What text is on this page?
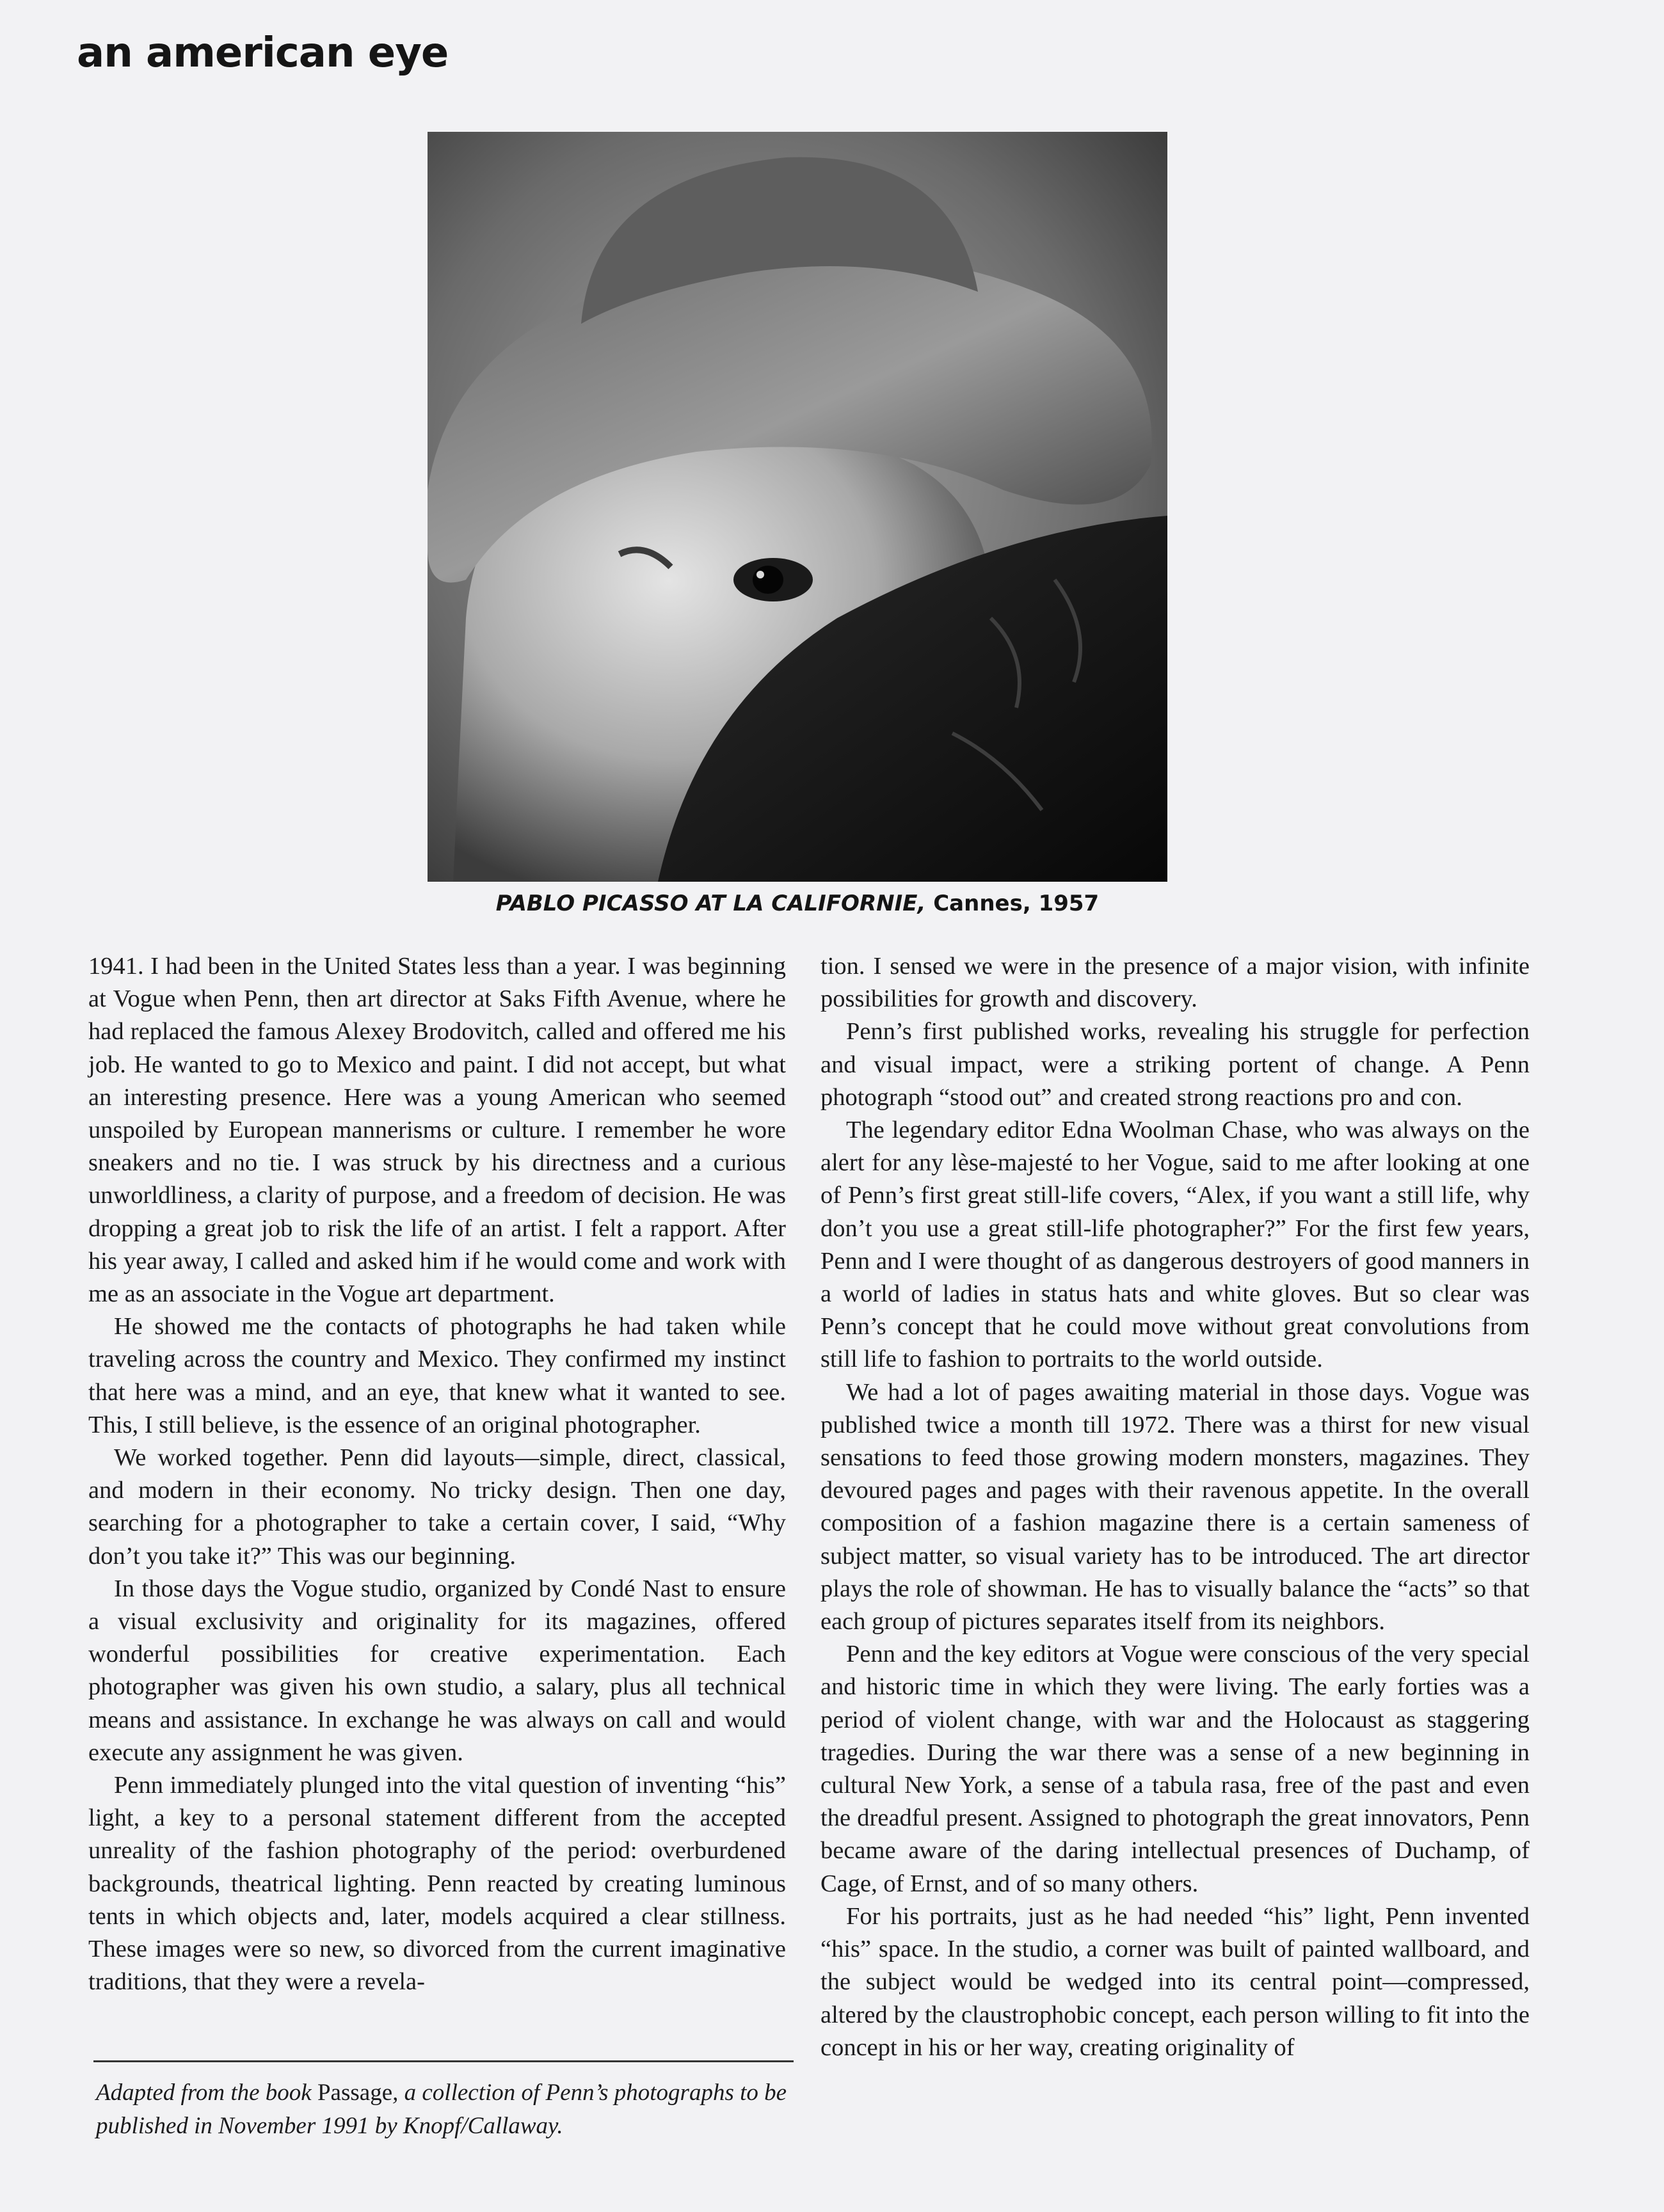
an american eye
PABLO PICASSO AT LA CALIFORNIE, Cannes, 1957

1941. I had been in the United States less than a year. I was beginning at Vogue when Penn, then art director at Saks Fifth Avenue, where he had replaced the famous Alexey Brodovitch, called and offered me his job. He wanted to go to Mexico and paint. I did not accept, but what an interesting presence. Here was a young American who seemed unspoiled by European mannerisms or culture. I remember he wore sneakers and no tie. I was struck by his directness and a curious unworldliness, a clarity of purpose, and a freedom of decision. He was dropping a great job to risk the life of an artist. I felt a rapport. After his year away, I called and asked him if he would come and work with me as an associate in the Vogue art department.

He showed me the contacts of photographs he had taken while traveling across the country and Mexico. They confirmed my instinct that here was a mind, and an eye, that knew what it wanted to see. This, I still believe, is the essence of an original photographer.

We worked together. Penn did layouts—simple, direct, classical, and modern in their economy. No tricky design. Then one day, searching for a photographer to take a certain cover, I said, “Why don’t you take it?” This was our beginning.

In those days the Vogue studio, organized by Condé Nast to ensure a visual exclusivity and originality for its magazines, offered wonderful possibilities for creative experimentation. Each photographer was given his own studio, a salary, plus all technical means and assistance. In exchange he was always on call and would execute any assignment he was given.

Penn immediately plunged into the vital question of inventing “his” light, a key to a personal statement different from the accepted unreality of the fashion photography of the period: overburdened backgrounds, theatrical lighting. Penn reacted by creating luminous tents in which objects and, later, models acquired a clear stillness. These images were so new, so divorced from the current imaginative traditions, that they were a revela-

tion. I sensed we were in the presence of a major vision, with infinite possibilities for growth and discovery.

Penn’s first published works, revealing his struggle for perfection and visual impact, were a striking portent of change. A Penn photograph “stood out” and created strong reactions pro and con.

The legendary editor Edna Woolman Chase, who was always on the alert for any lèse-majesté to her Vogue, said to me after looking at one of Penn’s first great still-life covers, “Alex, if you want a still life, why don’t you use a great still-life photographer?” For the first few years, Penn and I were thought of as dangerous destroyers of good manners in a world of ladies in status hats and white gloves. But so clear was Penn’s concept that he could move without great convolutions from still life to fashion to portraits to the world outside.

We had a lot of pages awaiting material in those days. Vogue was published twice a month till 1972. There was a thirst for new visual sensations to feed those growing modern monsters, magazines. They devoured pages and pages with their ravenous appetite. In the overall composition of a fashion magazine there is a certain sameness of subject matter, so visual variety has to be introduced. The art director plays the role of showman. He has to visually balance the “acts” so that each group of pictures separates itself from its neighbors.

Penn and the key editors at Vogue were conscious of the very special and historic time in which they were living. The early forties was a period of violent change, with war and the Holocaust as staggering tragedies. During the war there was a sense of a new beginning in cultural New York, a sense of a tabula rasa, free of the past and even the dreadful present. Assigned to photograph the great innovators, Penn became aware of the daring intellectual presences of Duchamp, of Cage, of Ernst, and of so many others.

For his portraits, just as he had needed “his” light, Penn invented “his” space. In the studio, a corner was built of painted wallboard, and the subject would be wedged into its central point—compressed, altered by the claustrophobic concept, each person willing to fit into the concept in his or her way, creating originality of

Adapted from the book Passage, a collection of Penn’s photographs to be published in November 1991 by Knopf/Callaway.
